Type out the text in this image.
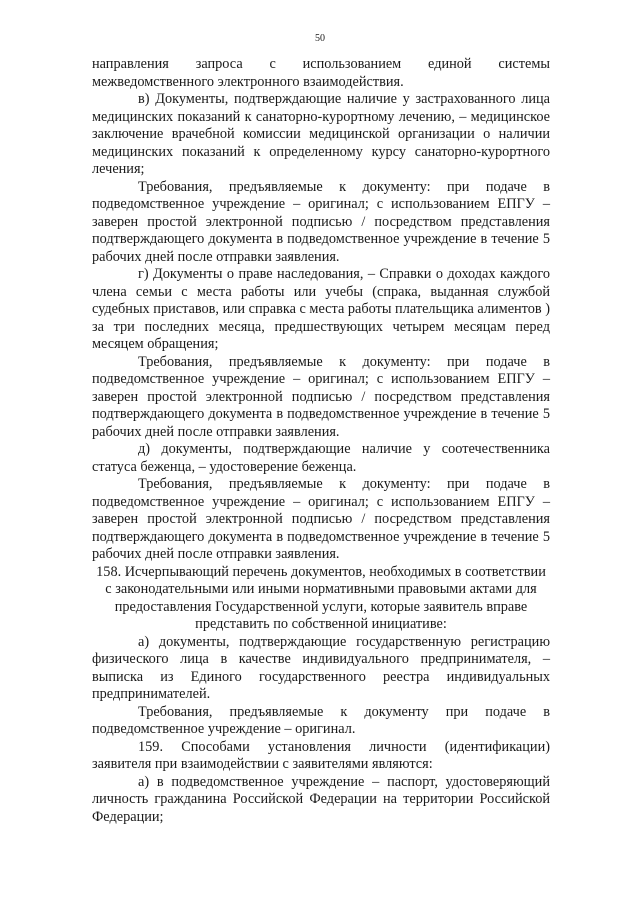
50

направления запроса с использованием единой системы межведомственного электронного взаимодействия.

в) Документы, подтверждающие наличие у застрахованного лица медицинских показаний к санаторно-курортному лечению, – медицинское заключение врачебной комиссии медицинской организации о наличии медицинских показаний к определенному курсу санаторно-курортного лечения;

Требования, предъявляемые к документу: при подаче в подведомственное учреждение – оригинал; с использованием ЕПГУ – заверен простой электронной подписью / посредством представления подтверждающего документа в подведомственное учреждение в течение 5 рабочих дней после отправки заявления.

г) Документы о праве наследования, – Справки о доходах каждого члена семьи с места работы или учебы (спрака, выданная службой судебных приставов, или справка с места работы плательщика алиментов ) за три последних месяца, предшествующих четырем месяцам перед месяцем обращения;

Требования, предъявляемые к документу: при подаче в подведомственное учреждение – оригинал; с использованием ЕПГУ – заверен простой электронной подписью / посредством представления подтверждающего документа в подведомственное учреждение в течение 5 рабочих дней после отправки заявления.

д) документы, подтверждающие наличие у соотечественника статуса беженца, – удостоверение беженца.

Требования, предъявляемые к документу: при подаче в подведомственное учреждение – оригинал; с использованием ЕПГУ – заверен простой электронной подписью / посредством представления подтверждающего документа в подведомственное учреждение в течение 5 рабочих дней после отправки заявления.

158. Исчерпывающий перечень документов, необходимых в соответствии с законодательными или иными нормативными правовыми актами для предоставления Государственной услуги, которые заявитель вправе представить по собственной инициативе:

а) документы, подтверждающие государственную регистрацию физического лица в качестве индивидуального предпринимателя, – выписка из Единого государственного реестра индивидуальных предпринимателей.

Требования, предъявляемые к документу при подаче в подведомственное учреждение – оригинал.

159. Способами установления личности (идентификации) заявителя при взаимодействии с заявителями являются:

а) в подведомственное учреждение – паспорт, удостоверяющий личность гражданина Российской Федерации на территории Российской Федерации;
